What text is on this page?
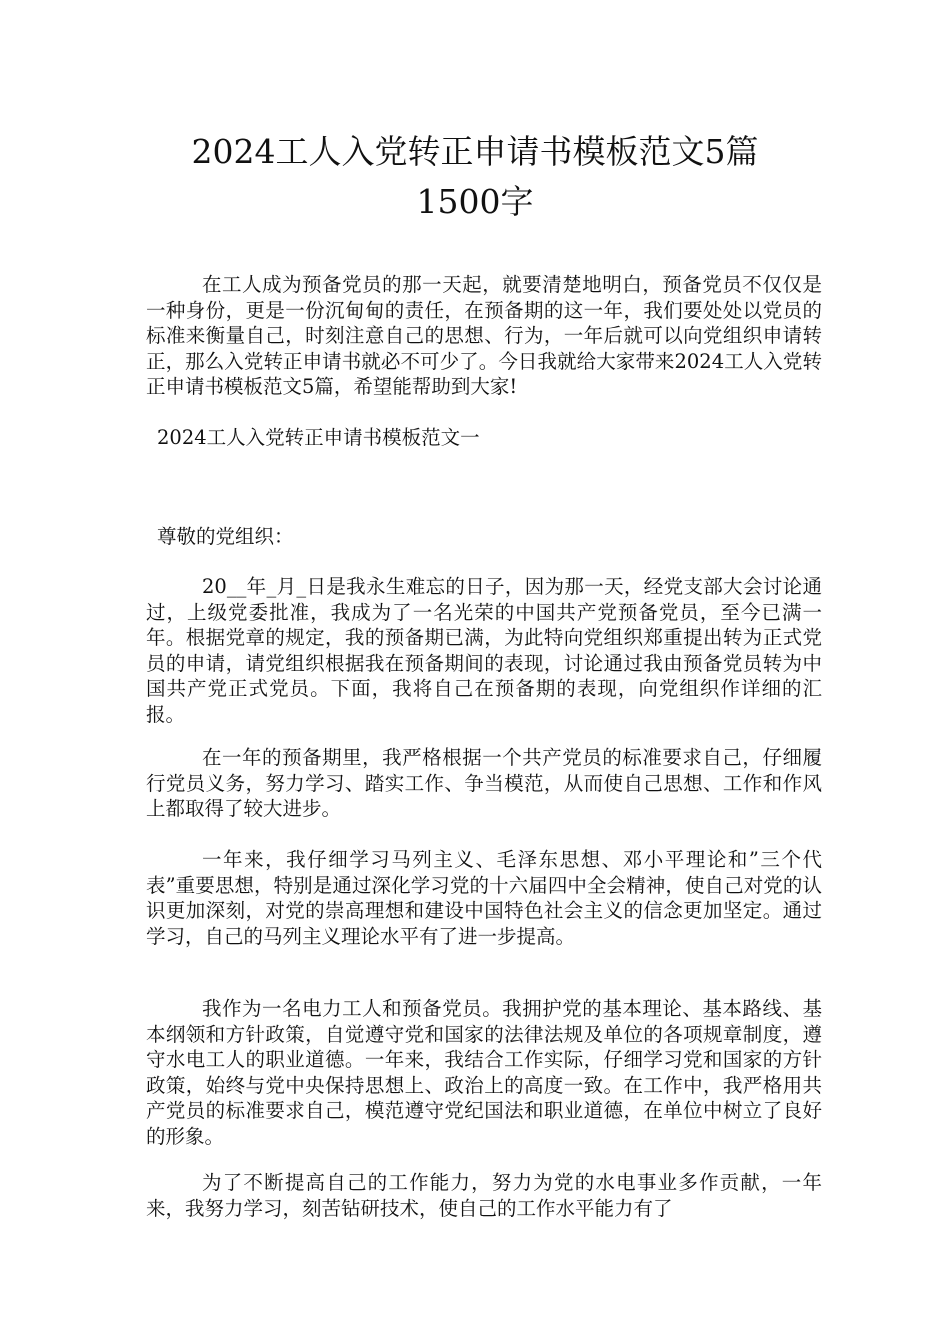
2024工人入党转正申请书模板范文5篇
1500字

在工人成为预备党员的那一天起，就要清楚地明白，预备党员不仅仅是一种身份，更是一份沉甸甸的责任，在预备期的这一年，我们要处处以党员的标准来衡量自己，时刻注意自己的思想、行为，一年后就可以向党组织申请转正，那么入党转正申请书就必不可少了。今日我就给大家带来2024工人入党转正申请书模板范文5篇，希望能帮助到大家!

2024工人入党转正申请书模板范文一

尊敬的党组织：

20__年_月_日是我永生难忘的日子，因为那一天，经党支部大会讨论通过，上级党委批准，我成为了一名光荣的中国共产党预备党员，至今已满一年。根据党章的规定，我的预备期已满，为此特向党组织郑重提出转为正式党员的申请，请党组织根据我在预备期间的表现，讨论通过我由预备党员转为中国共产党正式党员。下面，我将自己在预备期的表现，向党组织作详细的汇报。

在一年的预备期里，我严格根据一个共产党员的标准要求自己，仔细履行党员义务，努力学习、踏实工作、争当模范，从而使自己思想、工作和作风上都取得了较大进步。

一年来，我仔细学习马列主义、毛泽东思想、邓小平理论和”三个代表”重要思想，特别是通过深化学习党的十六届四中全会精神，使自己对党的认识更加深刻，对党的崇高理想和建设中国特色社会主义的信念更加坚定。通过学习，自己的马列主义理论水平有了进一步提高。

我作为一名电力工人和预备党员。我拥护党的基本理论、基本路线、基本纲领和方针政策，自觉遵守党和国家的法律法规及单位的各项规章制度，遵守水电工人的职业道德。一年来，我结合工作实际，仔细学习党和国家的方针政策，始终与党中央保持思想上、政治上的高度一致。在工作中，我严格用共产党员的标准要求自己，模范遵守党纪国法和职业道德，在单位中树立了良好的形象。

为了不断提高自己的工作能力，努力为党的水电事业多作贡献，一年来，我努力学习，刻苦钻研技术，使自己的工作水平能力有了
